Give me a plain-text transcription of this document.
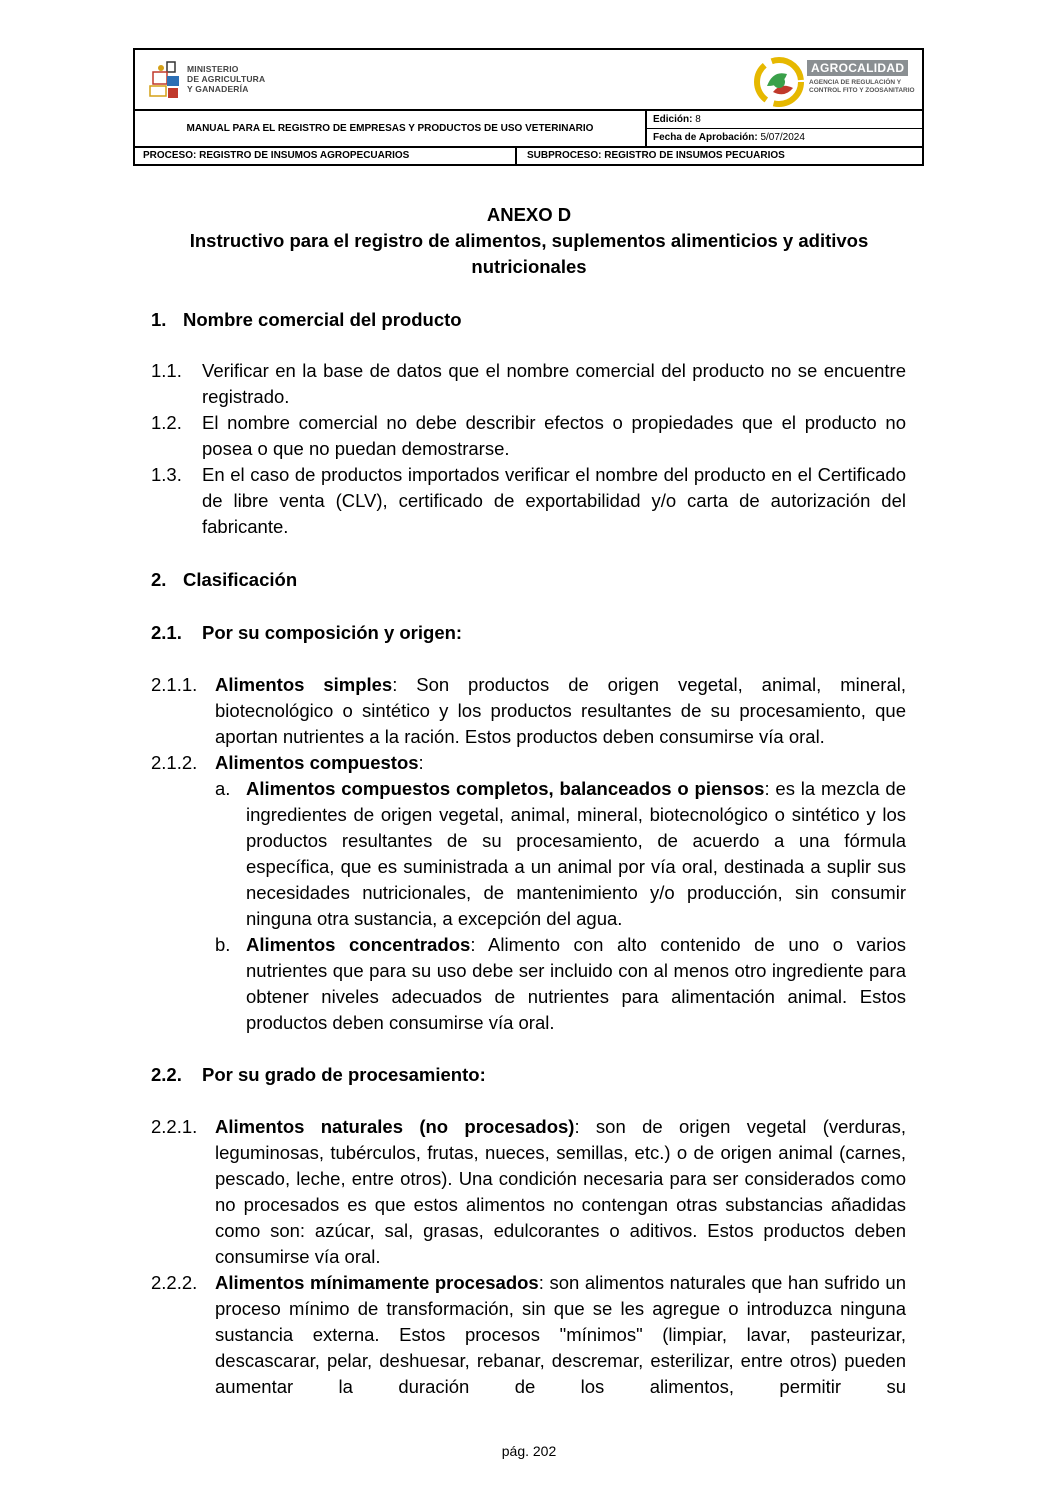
MINISTERIO
DE AGRICULTURA
Y GANADERÍA
AGROCALIDAD
AGENCIA DE REGULACIÓN Y
CONTROL FITO Y ZOOSANITARIO
MANUAL PARA EL REGISTRO DE EMPRESAS Y PRODUCTOS DE USO VETERINARIO
Edición: 8
Fecha de Aprobación: 5/07/2024
PROCESO: REGISTRO DE INSUMOS AGROPECUARIOS	SUBPROCESO: REGISTRO DE INSUMOS PECUARIOS
ANEXO D
Instructivo para el registro de alimentos, suplementos alimenticios y aditivos
nutricionales
1. Nombre comercial del producto
1.1. Verificar en la base de datos que el nombre comercial del producto no se encuentre registrado.
1.2. El nombre comercial no debe describir efectos o propiedades que el producto no posea o que no puedan demostrarse.
1.3. En el caso de productos importados verificar el nombre del producto en el Certificado de libre venta (CLV), certificado de exportabilidad y/o carta de autorización del fabricante.
2. Clasificación
2.1. Por su composición y origen:
2.1.1. Alimentos simples: Son productos de origen vegetal, animal, mineral, biotecnológico o sintético y los productos resultantes de su procesamiento, que aportan nutrientes a la ración. Estos productos deben consumirse vía oral.
2.1.2. Alimentos compuestos:
a. Alimentos compuestos completos, balanceados o piensos: es la mezcla de ingredientes de origen vegetal, animal, mineral, biotecnológico o sintético y los productos resultantes de su procesamiento, de acuerdo a una fórmula específica, que es suministrada a un animal por vía oral, destinada a suplir sus necesidades nutricionales, de mantenimiento y/o producción, sin consumir ninguna otra sustancia, a excepción del agua.
b. Alimentos concentrados: Alimento con alto contenido de uno o varios nutrientes que para su uso debe ser incluido con al menos otro ingrediente para obtener niveles adecuados de nutrientes para alimentación animal. Estos productos deben consumirse vía oral.
2.2. Por su grado de procesamiento:
2.2.1. Alimentos naturales (no procesados): son de origen vegetal (verduras, leguminosas, tubérculos, frutas, nueces, semillas, etc.) o de origen animal (carnes, pescado, leche, entre otros). Una condición necesaria para ser considerados como no procesados es que estos alimentos no contengan otras substancias añadidas como son: azúcar, sal, grasas, edulcorantes o aditivos. Estos productos deben consumirse vía oral.
2.2.2. Alimentos mínimamente procesados: son alimentos naturales que han sufrido un proceso mínimo de transformación, sin que se les agregue o introduzca ninguna sustancia externa. Estos procesos "mínimos" (limpiar, lavar, pasteurizar, descascarar, pelar, deshuesar, rebanar, descremar, esterilizar, entre otros) pueden aumentar la duración de los alimentos, permitir su
pág. 202
